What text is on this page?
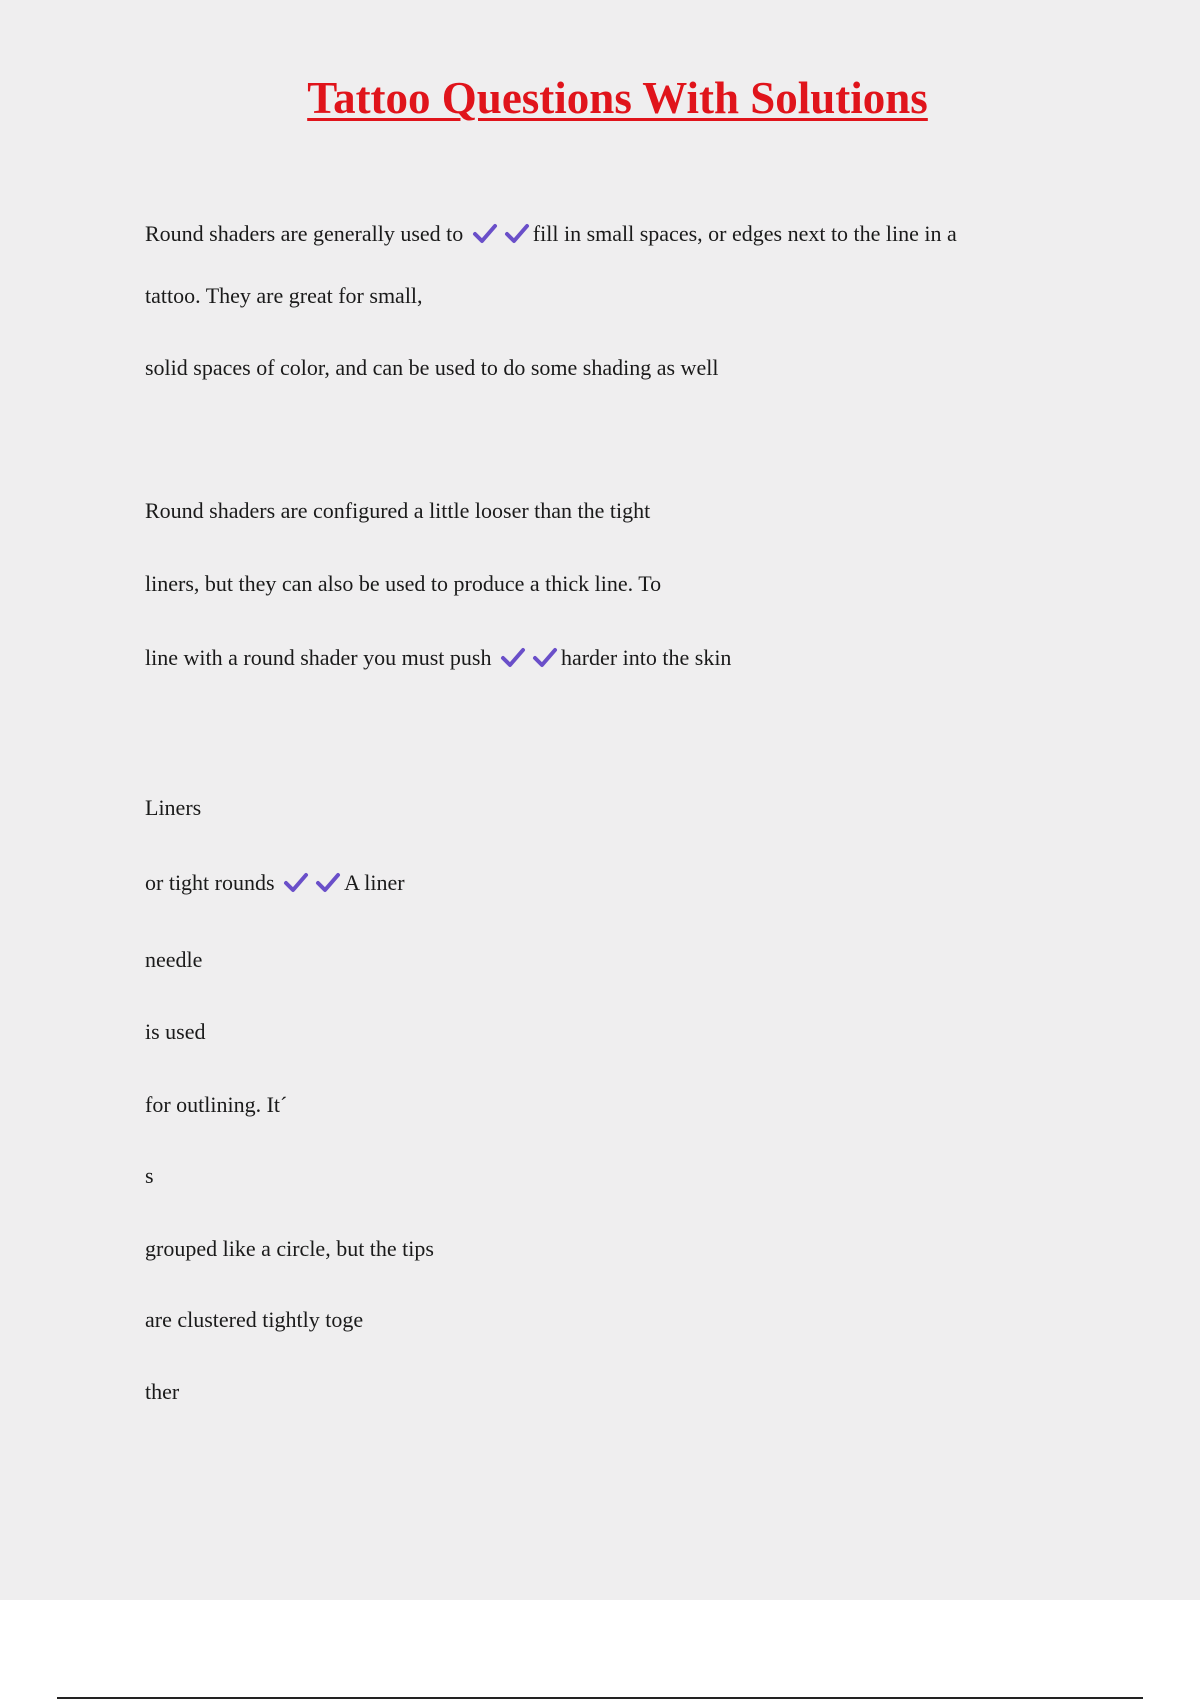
Tattoo Questions With Solutions
Round shaders are generally used to	fill in small spaces, or edges next to the line in a
tattoo. They are great for small,
solid spaces of color, and can be used to do some shading as well
Round shaders are configured a little looser than the tight
liners, but they can also be used to produce a thick line. To
line with a round shader you must push	harder into the skin
Liners
or tight rounds	A liner
needle
is used
for outlining. It´
s
grouped like a circle, but the tips
are clustered tightly toge
ther
